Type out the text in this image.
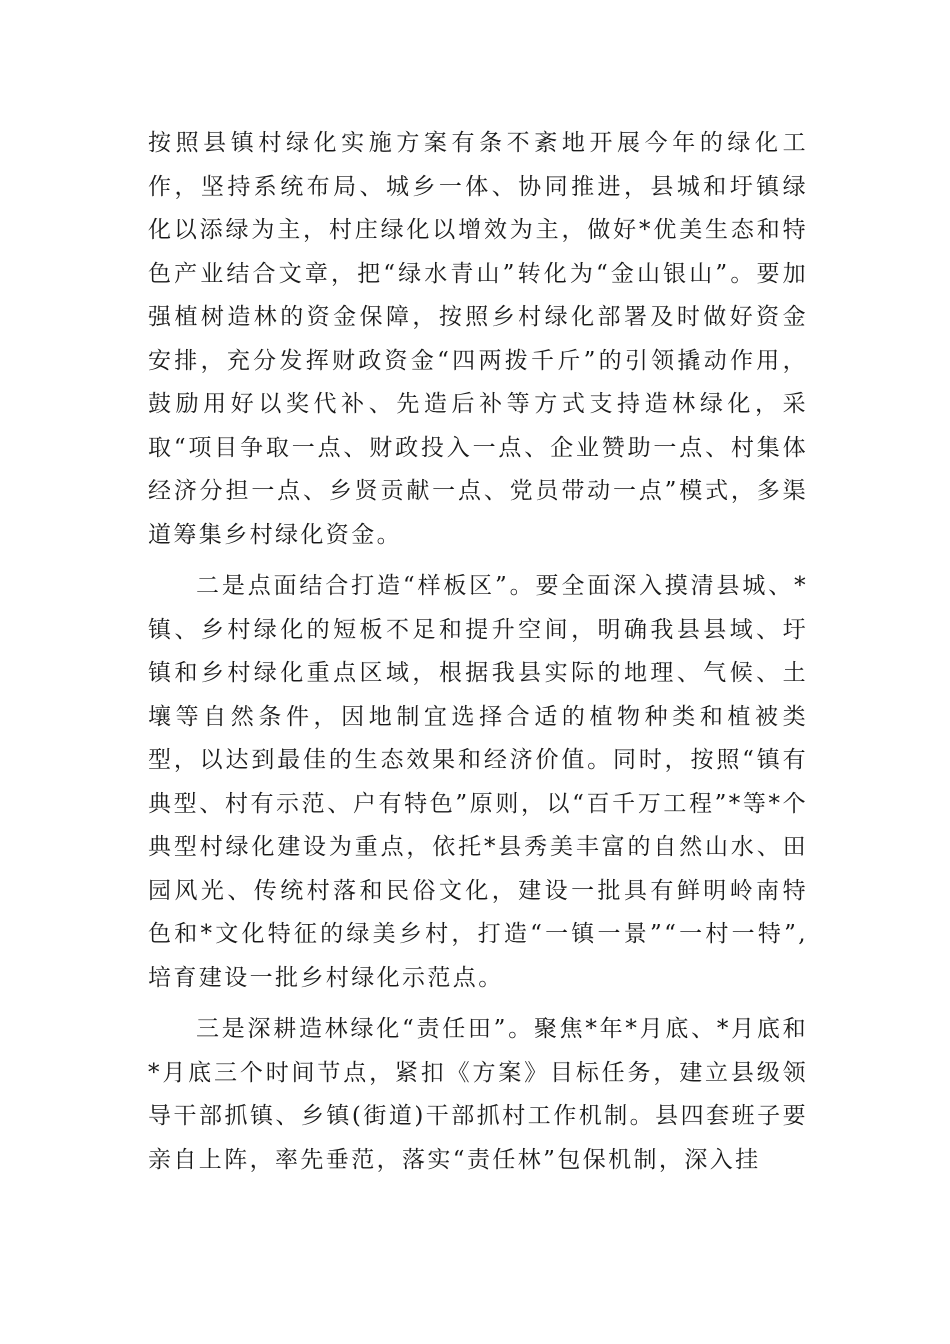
按照县镇村绿化实施方案有条不紊地开展今年的绿化工作，坚持系统布局、城乡一体、协同推进，县城和圩镇绿化以添绿为主，村庄绿化以增效为主，做好*优美生态和特色产业结合文章，把“绿水青山”转化为“金山银山”。要加强植树造林的资金保障，按照乡村绿化部署及时做好资金安排，充分发挥财政资金“四两拨千斤”的引领撬动作用，鼓励用好以奖代补、先造后补等方式支持造林绿化，采取“项目争取一点、财政投入一点、企业赞助一点、村集体经济分担一点、乡贤贡献一点、党员带动一点”模式，多渠道筹集乡村绿化资金。

二是点面结合打造“样板区”。要全面深入摸清县城、*镇、乡村绿化的短板不足和提升空间，明确我县县域、圩镇和乡村绿化重点区域，根据我县实际的地理、气候、土壤等自然条件，因地制宜选择合适的植物种类和植被类型，以达到最佳的生态效果和经济价值。同时，按照“镇有典型、村有示范、户有特色”原则，以“百千万工程”*等*个典型村绿化建设为重点，依托*县秀美丰富的自然山水、田园风光、传统村落和民俗文化，建设一批具有鲜明岭南特色和*文化特征的绿美乡村，打造“一镇一景”“一村一特”,培育建设一批乡村绿化示范点。

三是深耕造林绿化“责任田”。聚焦*年*月底、*月底和*月底三个时间节点，紧扣《方案》目标任务，建立县级领导干部抓镇、乡镇(街道)干部抓村工作机制。县四套班子要亲自上阵，率先垂范，落实“责任林”包保机制，深入挂
